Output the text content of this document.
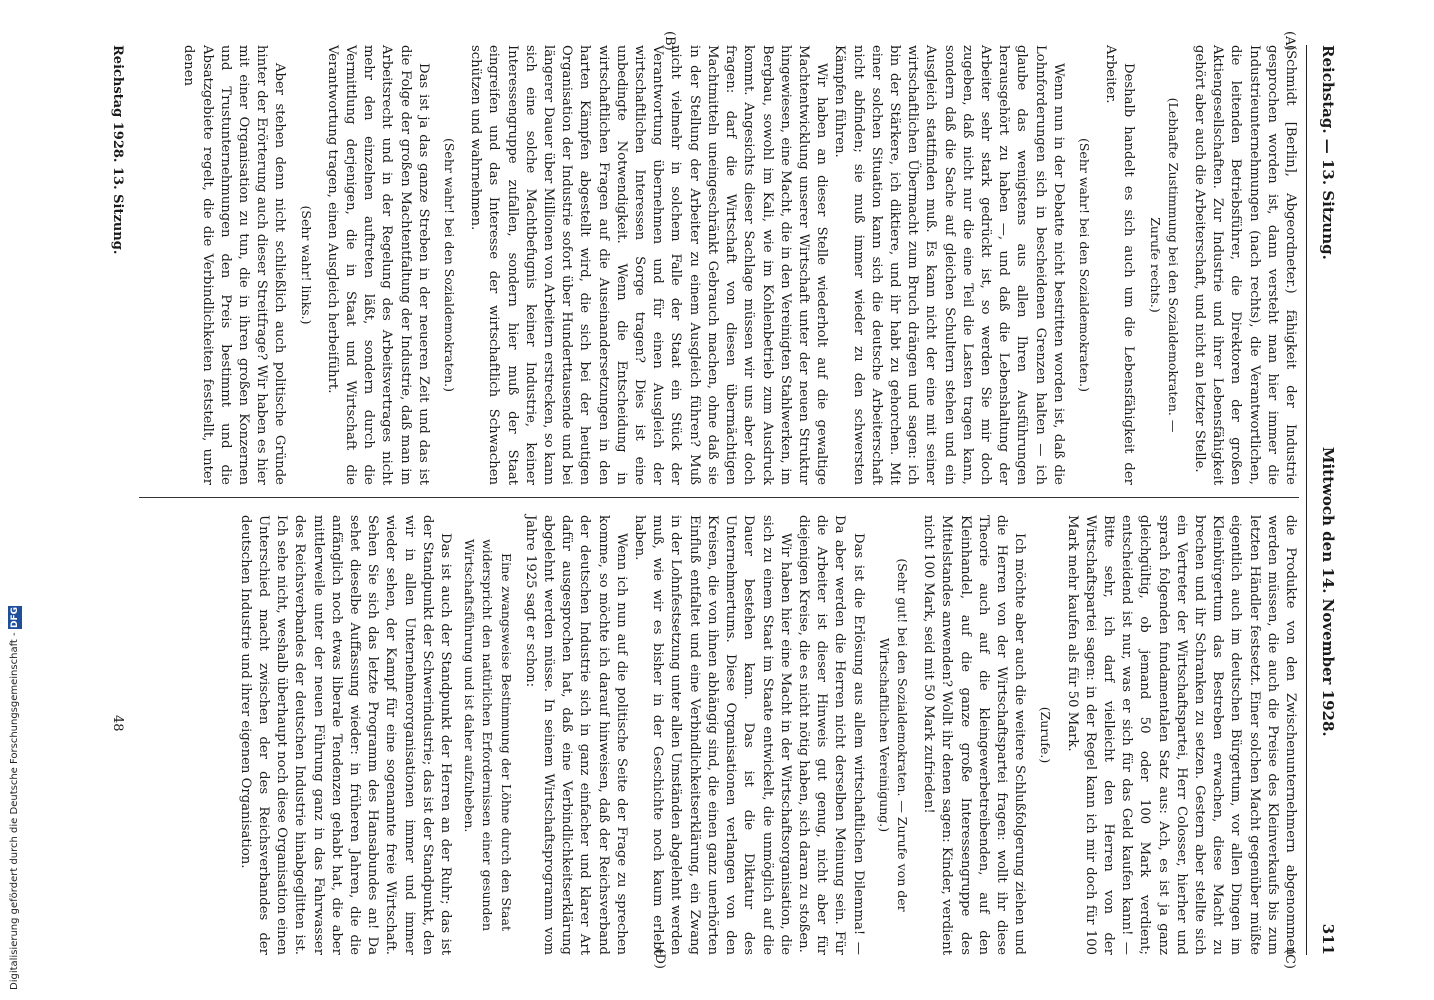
Reichstag. — 13. Sitzung.
Mittwoch den 14. November 1928.
311
(A)
(B)
(C)
(D)

(Schmidt [Berlin], Abgeordneter.) fähigkeit der Industrie gesprochen worden ist, dann versteht man hier immer die Industrieunternehmungen (nach rechts), die Verantwortlichen, die leitenden Betriebsführer, die Direktoren der großen Aktiengesellschaften. Zur Industrie und ihrer Lebensfähigkeit gehört aber auch die Arbeiterschaft, und nicht an letzter Stelle.

(Lebhafte Zustimmung bei den Sozialdemokraten. — Zurufe rechts.)

Deshalb handelt es sich auch um die Lebensfähigkeit der Arbeiter.

(Sehr wahr! bei den Sozialdemokraten.)

Wenn nun in der Debatte nicht bestritten worden ist, daß die Lohnforderungen sich in bescheidenen Grenzen halten — ich glaube das wenigstens aus allen Ihren Ausführungen herausgehört zu haben —, und daß die Lebenshaltung der Arbeiter sehr stark gedrückt ist, so werden Sie mir doch zugeben, daß nicht nur die eine Teil die Lasten tragen kann, sondern daß die Sache auf gleichen Schultern stehen und ein Ausgleich stattfinden muß. Es kann nicht der eine mit seiner wirtschaftlichen Übermacht zum Bruch drängen und sagen: ich bin der Stärkere, ich diktiere, und ihr habt zu gehorchen. Mit einer solchen Situation kann sich die deutsche Arbeiterschaft nicht abfinden; sie muß immer wieder zu den schwersten Kämpfen führen.

Wir haben an dieser Stelle wiederholt auf die gewaltige Machtentwicklung unserer Wirtschaft unter der neuen Struktur hingewiesen, eine Macht, die in den Vereinigten Stahlwerken, im Bergbau, sowohl im Kali, wie im Kohlenbetrieb zum Ausdruck kommt. Angesichts dieser Sachlage müssen wir uns aber doch fragen: darf die Wirtschaft von diesen übermächtigen Machtmitteln uneingeschränkt Gebrauch machen, ohne daß sie in der Stellung der Arbeiter zu einem Ausgleich führen? Muß nicht vielmehr in solchem Falle der Staat ein Stück der Verantwortung übernehmen und für einen Ausgleich der wirtschaftlichen Interessen Sorge tragen? Dies ist eine unbedingte Notwendigkeit. Wenn die Entscheidung in wirtschaftlichen Fragen auf die Auseinandersetzungen in den harten Kämpfen abgestellt wird, die sich bei der heutigen Organisation der Industrie sofort über Hunderttausende und bei längerer Dauer über Millionen von Arbeitern erstrecken, so kann sich eine solche Machtbefugnis keiner Industrie, keiner Interessengruppe zufallen, sondern hier muß der Staat eingreifen und das Interesse der wirtschaftlich Schwachen schützen und wahrnehmen.

(Sehr wahr! bei den Sozialdemokraten.)

Das ist ja das ganze Streben in der neueren Zeit und das ist die Folge der großen Machtentfaltung der Industrie, daß man im Arbeitsrecht und in der Regelung des Arbeitsvertrages nicht mehr den einzelnen auftreten läßt, sondern durch die Vermittlung derjenigen, die in Staat und Wirtschaft die Verantwortung tragen, einen Ausgleich herbeiführt.

(Sehr wahr! links.)

Aber stehen denn nicht schließlich auch politische Gründe hinter der Erörterung auch dieser Streitfrage? Wir haben es hier mit einer Organisation zu tun, die in ihren großen Konzernen und Trustunternehmungen den Preis bestimmt und die Absatzgebiete regelt, die die Verbindlichkeiten feststellt, unter denen

die Produkte von den Zwischenunternehmern abgenommen werden müssen, die auch die Preise des Kleinverkaufs bis zum letzten Händler festsetzt. Einer solchen Macht gegenüber müßte eigentlich auch im deutschen Bürgertum, vor allen Dingen im Kleinbürgertum das Bestreben erwachen, diese Macht zu brechen und ihr Schranken zu setzen. Gestern aber stellte sich ein Vertreter der Wirtschaftspartei, Herr Colosser, hierher und sprach folgenden fundamentalen Satz aus: Ach, es ist ja ganz gleichgültig, ob jemand 50 oder 100 Mark verdient; entscheidend ist nur, was er sich für das Geld kaufen kann! — Bitte sehr, ich darf vielleicht den Herren von der Wirtschaftspartei sagen: in der Regel kann ich mir doch für 100 Mark mehr kaufen als für 50 Mark.

(Zurufe.)

Ich möchte aber auch die weitere Schlußfolgerung ziehen und die Herren von der Wirtschaftspartei fragen: wollt ihr diese Theorie auch auf die kleingewerbetreibenden, auf den Kleinhandel, auf die ganze große Interessengruppe des Mittelstandes anwenden? Wollt ihr denen sagen: Kinder, verdient nicht 100 Mark, seid mit 50 Mark zufrieden!

(Sehr gut! bei den Sozialdemokraten. — Zurufe von der Wirtschaftlichen Vereinigung.)

Das ist die Erlösung aus allem wirtschaftlichen Dilemma! — Da aber werden die Herren nicht derselben Meinung sein. Für die Arbeiter ist dieser Hinweis gut genug, nicht aber für diejenigen Kreise, die es nicht nötig haben, sich daran zu stoßen.

Wir haben hier eine Macht in der Wirtschaftsorganisation, die sich zu einem Staat im Staate entwickelt, die unmöglich auf die Dauer bestehen kann. Das ist die Diktatur des Unternehmertums. Diese Organisationen verlangen von den Kreisen, die von ihnen abhängig sind, die einen ganz unerhörten Einfluß entfaltet und eine Verbindlichkeitserklärung, ein Zwang in der Lohnfestsetzung unter allen Umständen abgelehnt werden muß, wie wir es bisher in der Geschichte noch kaum erlebt haben.

Wenn ich nun auf die politische Seite der Frage zu sprechen komme, so möchte ich darauf hinweisen, daß der Reichsverband der deutschen Industrie sich in ganz einfacher und klarer Art dafür ausgesprochen hat, daß eine Verbindlichkeitserklärung abgelehnt werden müsse. In seinem Wirtschaftsprogramm vom Jahre 1925 sagt er schon:

Eine zwangsweise Bestimmung der Löhne durch den Staat widerspricht den natürlichen Erfordernissen einer gesunden Wirtschaftsführung und ist daher aufzuheben.

Das ist auch der Standpunkt der Herren an der Ruhr; das ist der Standpunkt der Schwerindustrie; das ist der Standpunkt, den wir in allen Unternehmerorganisationen immer und immer wieder sehen, der Kampf für eine sogenannte freie Wirtschaft. Sehen Sie sich das letzte Programm des Hansabundes an! Da sehet dieselbe Auffassung wieder: in früheren Jahren, die die anfänglich noch etwas liberale Tendenzen gehabt hat, die aber mittlerweile unter der neuen Führung ganz in das Fahrwasser des Reichsverbandes der deutschen Industrie hinabgeglitten ist. Ich sehe nicht, weshalb überhaupt noch diese Organisation einen Unterschied macht zwischen der des Reichsverbandes der deutschen Industrie und ihrer eigenen Organisation.

Reichstag 1928. 13. Sitzung.
48
Digitalisierung gefördert durch die Deutsche Forschungsgemeinschaft - DFG
